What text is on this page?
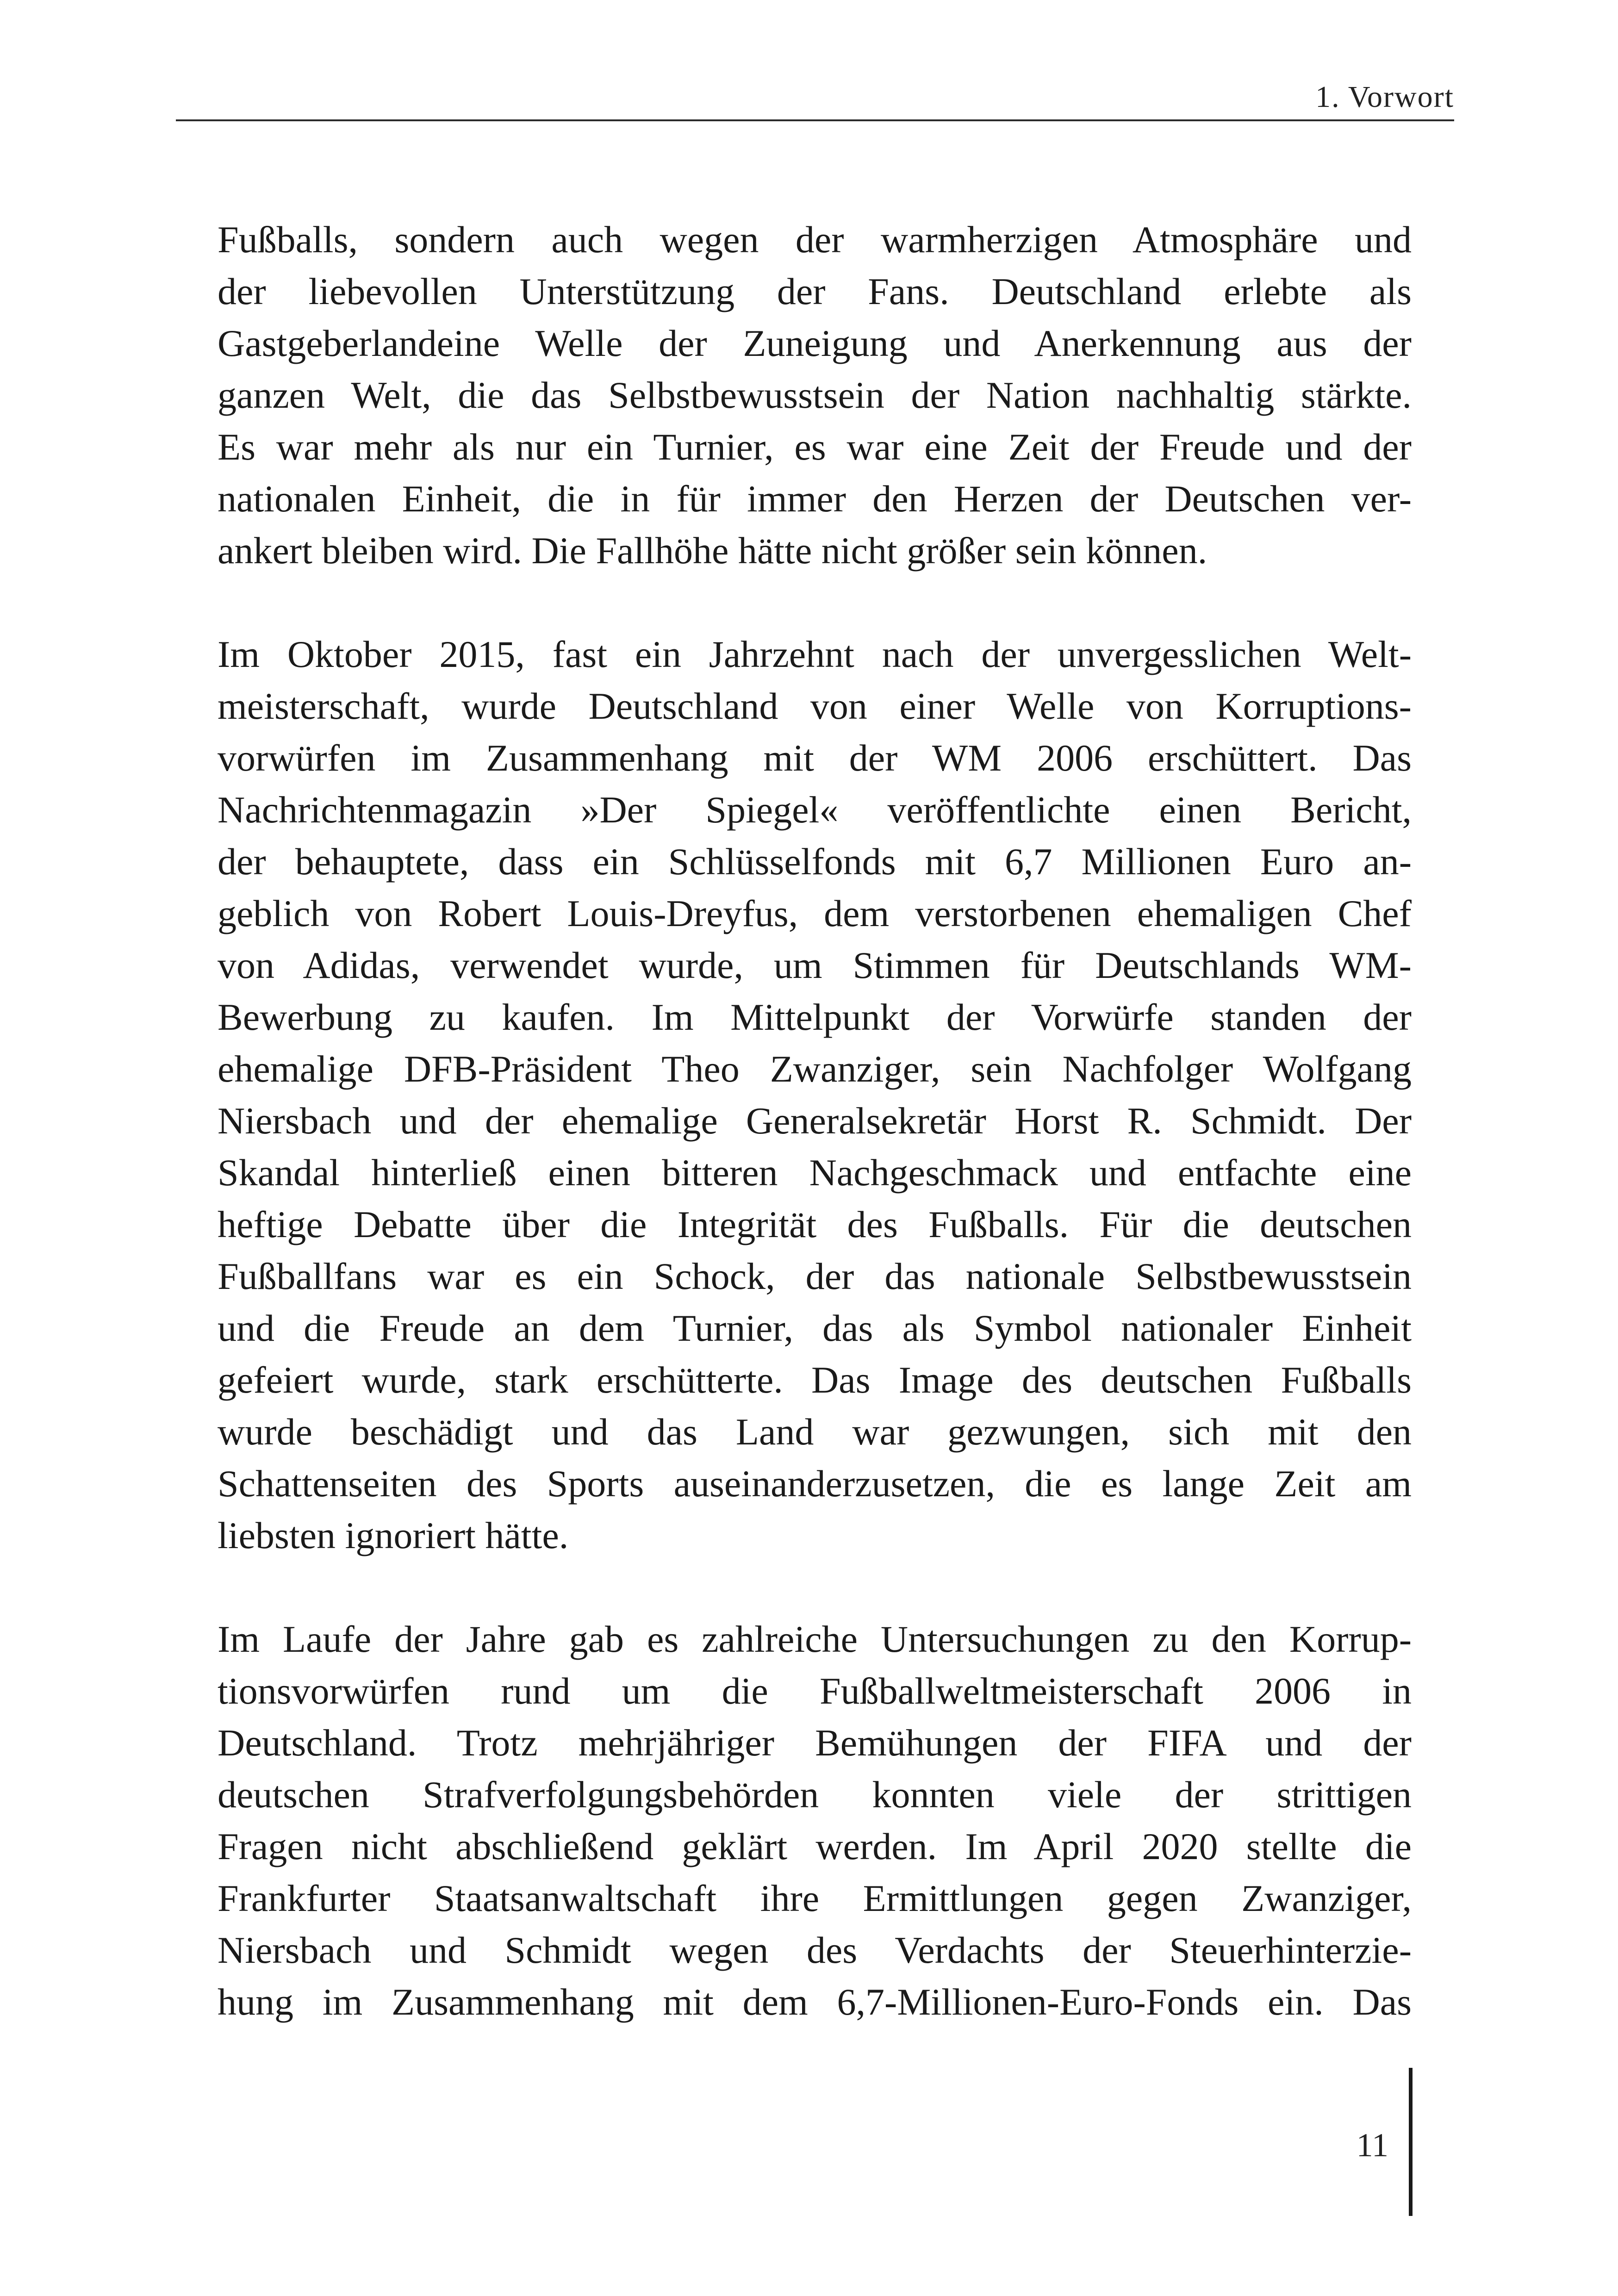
1. Vorwort

Fußballs, sondern auch wegen der warmherzigen Atmosphäre und
der liebevollen Unterstützung der Fans. Deutschland erlebte als
Gastgeberlandeine Welle der Zuneigung und Anerkennung aus der
ganzen Welt, die das Selbstbewusstsein der Nation nachhaltig stärkte.
Es war mehr als nur ein Turnier, es war eine Zeit der Freude und der
nationalen Einheit, die in für immer den Herzen der Deutschen ver-
ankert bleiben wird. Die Fallhöhe hätte nicht größer sein können.

Im Oktober 2015, fast ein Jahrzehnt nach der unvergesslichen Welt-
meisterschaft, wurde Deutschland von einer Welle von Korruptions-
vorwürfen im Zusammenhang mit der WM 2006 erschüttert. Das
Nachrichtenmagazin »Der Spiegel« veröffentlichte einen Bericht,
der behauptete, dass ein Schlüsselfonds mit 6,7 Millionen Euro an-
geblich von Robert Louis-Dreyfus, dem verstorbenen ehemaligen Chef
von Adidas, verwendet wurde, um Stimmen für Deutschlands WM-
Bewerbung zu kaufen. Im Mittelpunkt der Vorwürfe standen der
ehemalige DFB-Präsident Theo Zwanziger, sein Nachfolger Wolfgang
Niersbach und der ehemalige Generalsekretär Horst R. Schmidt. Der
Skandal hinterließ einen bitteren Nachgeschmack und entfachte eine
heftige Debatte über die Integrität des Fußballs. Für die deutschen
Fußballfans war es ein Schock, der das nationale Selbstbewusstsein
und die Freude an dem Turnier, das als Symbol nationaler Einheit
gefeiert wurde, stark erschütterte. Das Image des deutschen Fußballs
wurde beschädigt und das Land war gezwungen, sich mit den
Schattenseiten des Sports auseinanderzusetzen, die es lange Zeit am
liebsten ignoriert hätte.

Im Laufe der Jahre gab es zahlreiche Untersuchungen zu den Korrup-
tionsvorwürfen rund um die Fußballweltmeisterschaft 2006 in
Deutschland. Trotz mehrjähriger Bemühungen der FIFA und der
deutschen Strafverfolgungsbehörden konnten viele der strittigen
Fragen nicht abschließend geklärt werden. Im April 2020 stellte die
Frankfurter Staatsanwaltschaft ihre Ermittlungen gegen Zwanziger,
Niersbach und Schmidt wegen des Verdachts der Steuerhinterzie-
hung im Zusammenhang mit dem 6,7-Millionen-Euro-Fonds ein. Das

11
